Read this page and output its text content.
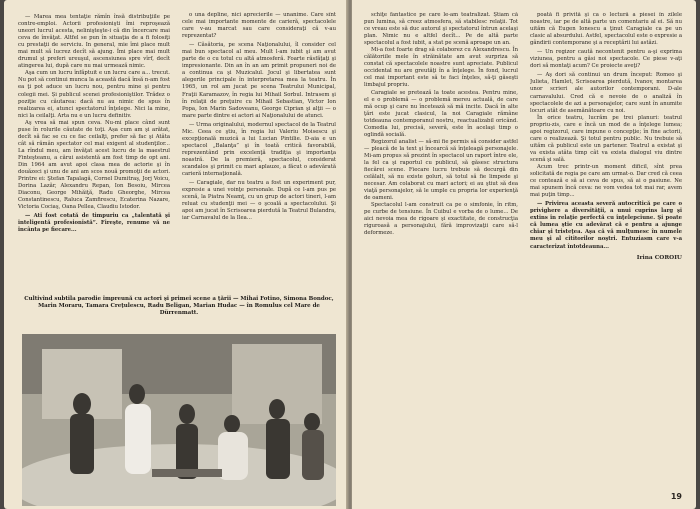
— Marea mea tentaţie rămîn însă distribuţiile pe contre-emploi. Actorii profesionişti îmi reproşează uneori lucrul acesta, nelinişteşte-i că din încercare mai ceva de învăţat. Altfel se pun în situaţia de a fi folosiţi cu prestaţii de serviciu. In general, mie îmi place mult mai mult să lucrez decît să ajung. Îmi place mai mult drumul şi preferi ureuşul, ascensiunea spre vîrf, decît atingerea lui, după care nu mai urmează nimic.

Aşa cum un lucru înfăptuit e un lucru care a... trecut. Nu pot să continui munca la această dacă însă n-am fost ea ţi pot aduce un lucru nou, pentru mine şi pentru colegii mei. Și publicul scenei profesioniştilor. Trădez o poziţie cu căutarea: dacă nu au nimic de spus în realizarea ei, atunci spectatorul înţelege. Nici la mine, nici la ceilalţi. Arta nu e un lucru definitiv.

Aş vrea să mai spun ceva. Nu-mi place când sunt puse în rolurile căutate de toţi. Așa cum am şi arătat, decît să fac se cu ce fac ceilalţi, prefer să fac şi Atâta cât să rămân spectator cel mai exigent al studenţilor... La rîndul meu, am învăţat acest lucru de la maestrul Finteşteanu, a cărui asistentă am fost timp de opt ani. Din 1964 am avut apoi clasa mea de actorie şi în douăzeci şi unu de ani am scos nouă promoţii de actori. Printre ei: Ştefan Tapalagă, Cornel Dumitraş, Jorj Voicu, Dorina Lazăr, Alexandru Repan, Ion Besoiu, Mircea Diaconu, George Mihăiţă, Radu Gheorghe, Mircea Constantinescu, Raluca Zamfirescu, Ecaterina Nazare, Victoria Cociaş, Oana Pellea, Claudiu Istodor.

— Ati fost cotată de timpuriu ca „talentată şi inteligentă profesionistă”. Fireşte, renume vă ne încânta pe fiecare...

o una depline, nici aprecierile — unanime. Care sînt cele mai importante momente de carieră, spectacolele care v-au marcat sau care consideraţi că v-au reprezentat?

— Căsătoria, pe scena Naţionalului, îl consider cel mai bun spectacol al meu. Mult l-am iubit şi am avut parte de o cu totul cu altă atmosferă. Foarte răsfăţaţi şi impresionante. Din an în an am primit propuneri noi de a continua ca şi Muzicalul. Jocul şi libertatea sunt alegerile principale în interpretarea mea la teatru. În 1965, un rol am jucat pe scena Teatrului Municipal, Fraţii Karamazov, în regia lui Mihail Sorbul. Intrasem şi în relaţii de preţuire cu Mihail Sebastian, Victor Ion Popa, Ion Marin Sadoveanu, George Ciprian şi alţii — o mare parte dintre ei actori ai Naţionalului de atunci.

— Urma originalului, modernul spectacol de la Teatrul Mic. Ceea ce ştiu, în regia lui Valeriu Moisescu şi excepţională muzică a lui Lucian Pintilie. D-aia e un spectacol „Balanţa” şi în toată critică favorabilă, reprezentând prin excelenţă tradiţia şi importanţa noastră. De la premieră, spectacolul, considerat scandalos şi primit cu mari aplauze, a făcut o adevărată carieră internaţională.

— Caragiale, dar nu teatru a fost un experiment pur, expresie a unei voinţe personale. După ce l-am pus pe scenă, la Piatra Neamţ, cu un grup de actori tineri, l-am reluat cu studenţii mei — o şcoală a spectacolului. Şi apoi am jucat în Scrisoarea pierdută la Teatrul Bulandra, iar Carnavalul de la Ilea...

Cultivînd subtila parodie împreună cu actori şi primei scene a ţării — Mihai Fotino, Simona Bondoc, Marin Moraru, Tamara Creţulescu, Radu Beligan, Marian Hudac — în Romulus cel Mare de Dürrenmatt.

schiţe fantastice pe care le-am teatralizat. Știam că pun lumina, să creez atmosfera, să stabilesc relaţii. Tot ce vreau este să duc autorul şi spectatorul întrun acelaşi plan. Nimic nu e altfel decît... Pe de altă parte spectacolul a fost iubit, a stat pe scenă aproape un an.

Mi-a fost foarte drag să colaborez cu Alexandrescu. În călătoriile mele în străinătate am avut surpriza să constat că spectacolele noastre sunt apreciate. Publicul occidental nu are greutăţi în a înţelege. În fond, lucrul cel mai important este să te faci înţeles, să-ţi găseşti limbajul propriu.

Caragiale se pretează la toate acestea. Pentru mine, el e o problemă — o problemă mereu actuală, de care mă ocup şi care nu încetează să mă incite. Dacă în alte ţări este jucat clasicul, la noi Caragiale rămâne totdeauna contemporanul nostru, reactualizabil oricând. Comedia lui, precisă, severă, este în acelaşi timp o oglindă socială.

Regizorul analist — să-mi fie permis să consider astfel — pleacă de la text şi încearcă să înţeleagă personajele. Mi-am propus să prezint în spectacol un raport între ele, la fel ca şi raportul cu publicul, să găsesc structura fiecărei scene. Fiecare lucru trebuie să decurgă din celălalt, să nu existe goluri, să totul să fie limpede şi necesar. Am colaborat cu mari actori; ei au ştiut să dea viaţă personajelor, să le umple cu propria lor experienţă de oameni.

Spectacolul l-am construit ca pe o simfonie, în ritm, pe curbe de tensiune. În Cuibul e vorba de o lume... De aici nevoia mea de rigoare şi exactitate, de construcţia riguroasă a personajului, fără improvizaţii care să-l deformeze.

poată fi privită şi ca o lectură a piesei în zilele noastre, iar pe de altă parte un comentariu al ei. Să nu uităm că Eugen Ionescu a ţinut Caragiale ca pe un clasic al absurdului. Astfel, spectacolul este o expresie a gândirii contemporane şi a receptării lui astăzi.

— Un regizor caută necontenit pentru a-şi exprima viziunea, pentru a găsi noi spectacole. Ce piese v-aţi dori să montaţi acum? Ce proiecte aveţi?

— Aş dori să continui un drum început: Romeo şi Julieta, Hamlet, Scrisoarea pierdută, Ivanov, montarea unor scrieri ale autorilor contemporani. D-ale carnavalului. Cred că e nevoie de o analiză în spectacolele de azi a personajelor, care sunt în anumite locuri atât de asemănătoare cu noi.

În orice teatru, lucrăm pe trei planuri: teatrul propriu-zis, care e încă un mod de a înţelege lumea; apoi regizorul, care impune o concepţie; în fine actorii, care o realizează. Şi totul pentru public. Nu trebuie să uităm că publicul este un partener. Teatrul a existat şi va exista atâta timp cât va exista dialogul viu dintre scenă şi sală.

Acum trec printr-un moment dificil, sînt prea solicitată de regia pe care am urmat-o. Dar cred că ceea ce contează e să ai ceva de spus, să ai o pasiune. Ne mai spunem încă ceva: ne vom vedea tot mai rar, avem mai puţin timp...

— Privirea aceasta severă autocritică pe care o privighere a diversităţii, a unui cuprins larg şi extins în relaţie perfectă cu înţelepciune. Şi poate că lumea ştie cu adevărat că e pentru a ajunge chiar şi tristeţea. Aşa că vă mulţumesc în numele meu şi al cititorilor noştri. Entuziasm care v-a caracterizat întotdeauna...

Irina COROIU
19
